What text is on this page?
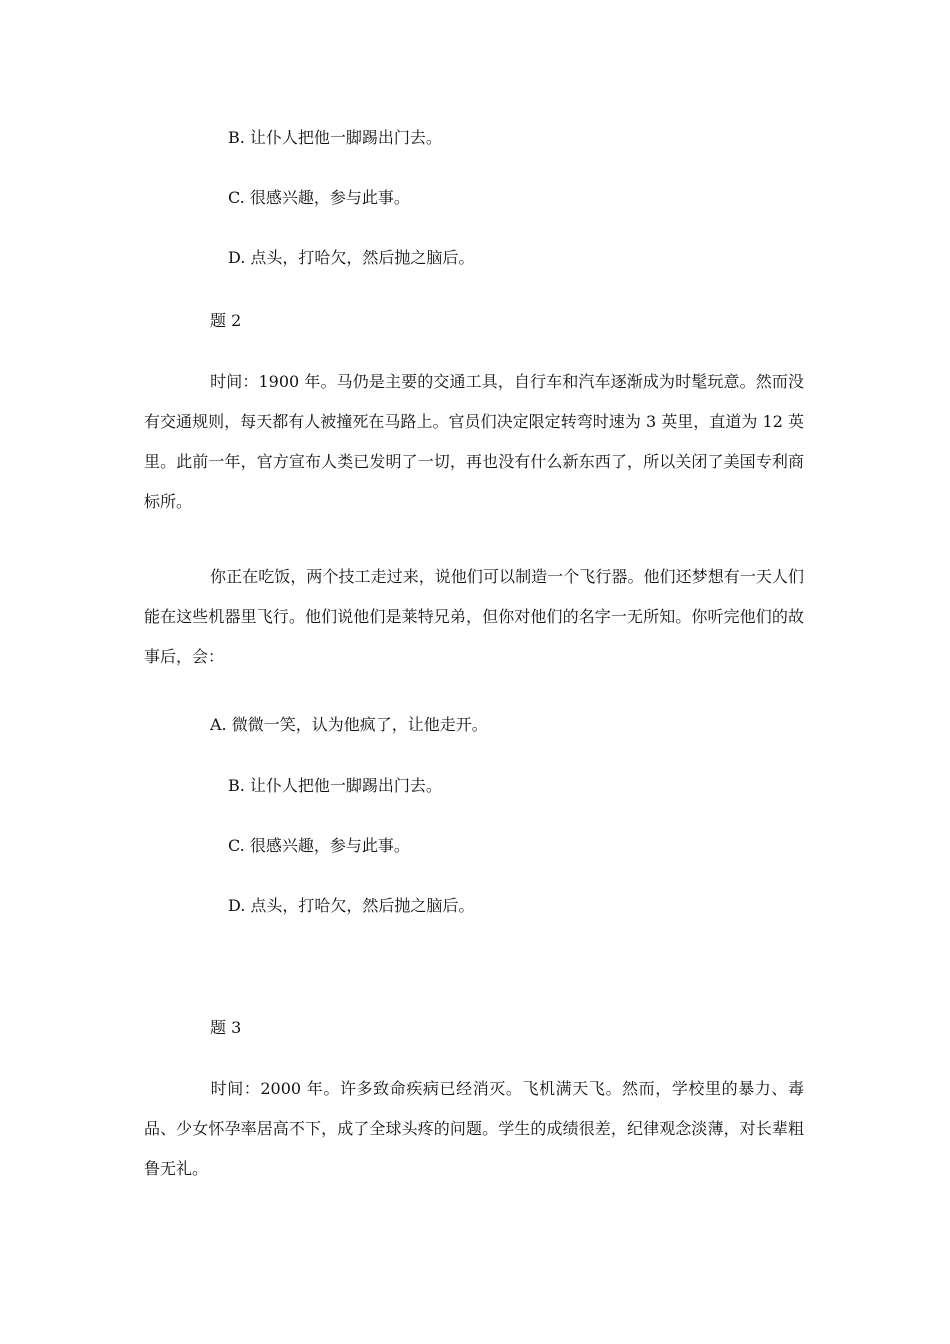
B. 让仆人把他一脚踢出门去。
C. 很感兴趣，参与此事。
D. 点头，打哈欠，然后抛之脑后。
题 2
时间：1900 年。马仍是主要的交通工具，自行车和汽车逐渐成为时髦玩意。然而没有交通规则，每天都有人被撞死在马路上。官员们决定限定转弯时速为 3 英里，直道为 12 英里。此前一年，官方宣布人类已发明了一切，再也没有什么新东西了，所以关闭了美国专利商标所。
你正在吃饭，两个技工走过来，说他们可以制造一个飞行器。他们还梦想有一天人们能在这些机器里飞行。他们说他们是莱特兄弟，但你对他们的名字一无所知。你听完他们的故事后，会：
A. 微微一笑，认为他疯了，让他走开。
B. 让仆人把他一脚踢出门去。
C. 很感兴趣，参与此事。
D. 点头，打哈欠，然后抛之脑后。
题 3
时间：2000 年。许多致命疾病已经消灭。飞机满天飞。然而，学校里的暴力、毒品、少女怀孕率居高不下，成了全球头疼的问题。学生的成绩很差，纪律观念淡薄，对长辈粗鲁无礼。
